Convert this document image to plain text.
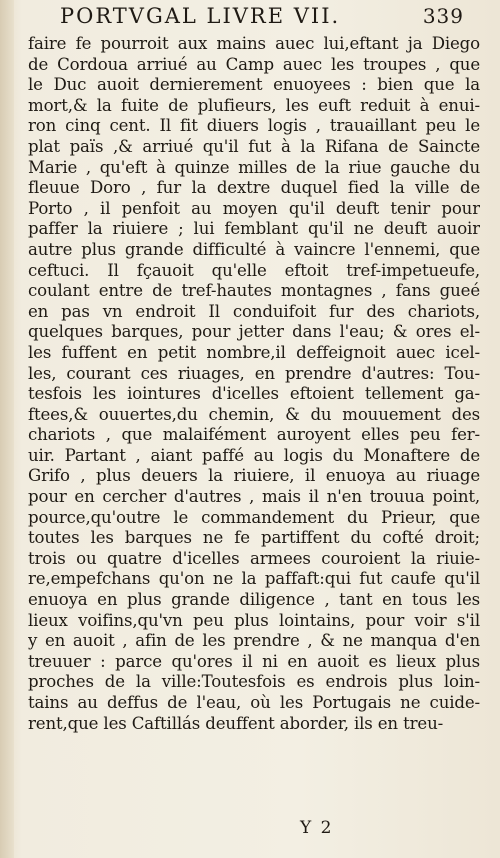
PORTVGAL LIVRE VII.	339
faire fe pourroit aux mains auec lui,eftant ja Diego
de Cordoua arriué au Camp auec les troupes , que
le Duc auoit dernierement enuoyees : bien que la
mort,& la fuite de plufieurs, les euft reduit à enui-
ron cinq cent. Il fit diuers logis , trauaillant peu le
plat païs ,& arriué qu'il fut à la Rifana de Saincte
Marie , qu'eft à quinze milles de la riue gauche du
fleuue Doro , fur la dextre duquel fied la ville de
Porto , il penfoit au moyen qu'il deuft tenir pour
paffer la riuiere ; lui femblant qu'il ne deuft auoir
autre plus grande difficulté à vaincre l'ennemi, que
ceftuci. Il fçauoit qu'elle eftoit tref-impetueufe,
coulant entre de tref-hautes montagnes , fans gueé
en pas vn endroit Il conduifoit fur des chariots,
quelques barques, pour jetter dans l'eau; & ores el-
les fuffent en petit nombre,il deffeignoit auec icel-
les, courant ces riuages, en prendre d'autres: Tou-
tesfois les iointures d'icelles eftoient tellement ga-
ftees,& ouuertes,du chemin, & du mouuement des
chariots , que malaifément auroyent elles peu fer-
uir. Partant , aiant paffé au logis du Monaftere de
Grifo , plus deuers la riuiere, il enuoya au riuage
pour en cercher d'autres , mais il n'en trouua point,
pource,qu'outre le commandement du Prieur, que
toutes les barques ne fe partiffent du cofté droit;
trois ou quatre d'icelles armees couroient la riuie-
re,empefchans qu'on ne la paffaft:qui fut caufe qu'il
enuoya en plus grande diligence , tant en tous les
lieux voifins,qu'vn peu plus lointains, pour voir s'il
y en auoit , afin de les prendre , & ne manqua d'en
treuuer : parce qu'ores il ni en auoit es lieux plus
proches de la ville:Toutesfois es endrois plus loin-
tains au deffus de l'eau, où les Portugais ne cuide-
rent,que les Caftillás deuffent aborder, ils en treu-
Y 2
